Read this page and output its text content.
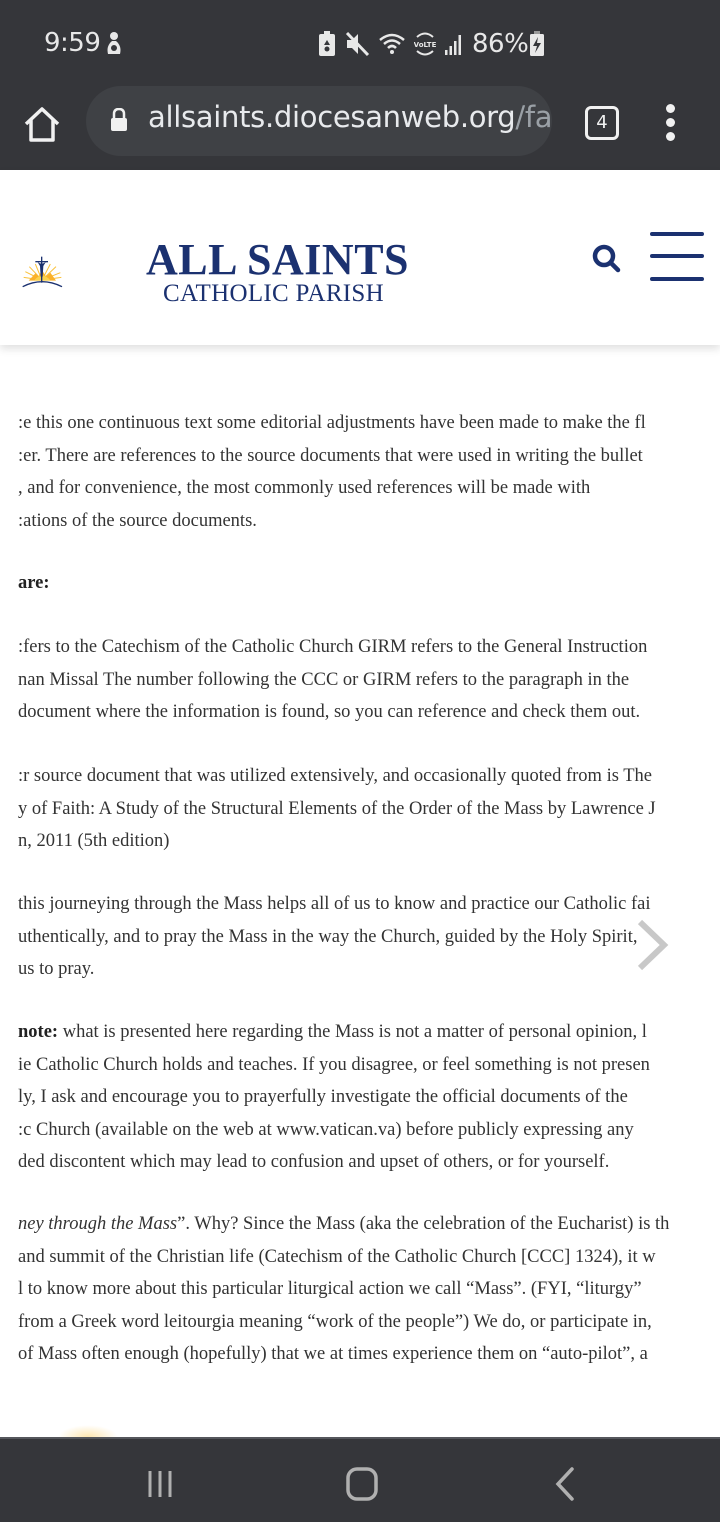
9:59	VoLTE 86%
allsaints.diocesanweb.org/fa	4
ALL SAINTS
CATHOLIC PARISH
:e this one continuous text some editorial adjustments have been made to make the fl
:er. There are references to the source documents that were used in writing the bullet
, and for convenience, the most commonly used references will be made with
:ations of the source documents.
are:
:fers to the Catechism of the Catholic Church GIRM refers to the General Instruction
nan Missal The number following the CCC or GIRM refers to the paragraph in the
document where the information is found, so you can reference and check them out.
:r source document that was utilized extensively, and occasionally quoted from is The
y of Faith: A Study of the Structural Elements of the Order of the Mass by Lawrence J
n, 2011 (5th edition)
this journeying through the Mass helps all of us to know and practice our Catholic fai
uthentically, and to pray the Mass in the way the Church, guided by the Holy Spirit,
us to pray.
note: what is presented here regarding the Mass is not a matter of personal opinion, l
ie Catholic Church holds and teaches. If you disagree, or feel something is not presen
ly, I ask and encourage you to prayerfully investigate the official documents of the
:c Church (available on the web at www.vatican.va) before publicly expressing any
ded discontent which may lead to confusion and upset of others, or for yourself.
ney through the Mass”. Why? Since the Mass (aka the celebration of the Eucharist) is th
and summit of the Christian life (Catechism of the Catholic Church [CCC] 1324), it w
l to know more about this particular liturgical action we call “Mass”. (FYI, “liturgy”
from a Greek word leitourgia meaning “work of the people”) We do, or participate in,
of Mass often enough (hopefully) that we at times experience them on “auto-pilot”, a
